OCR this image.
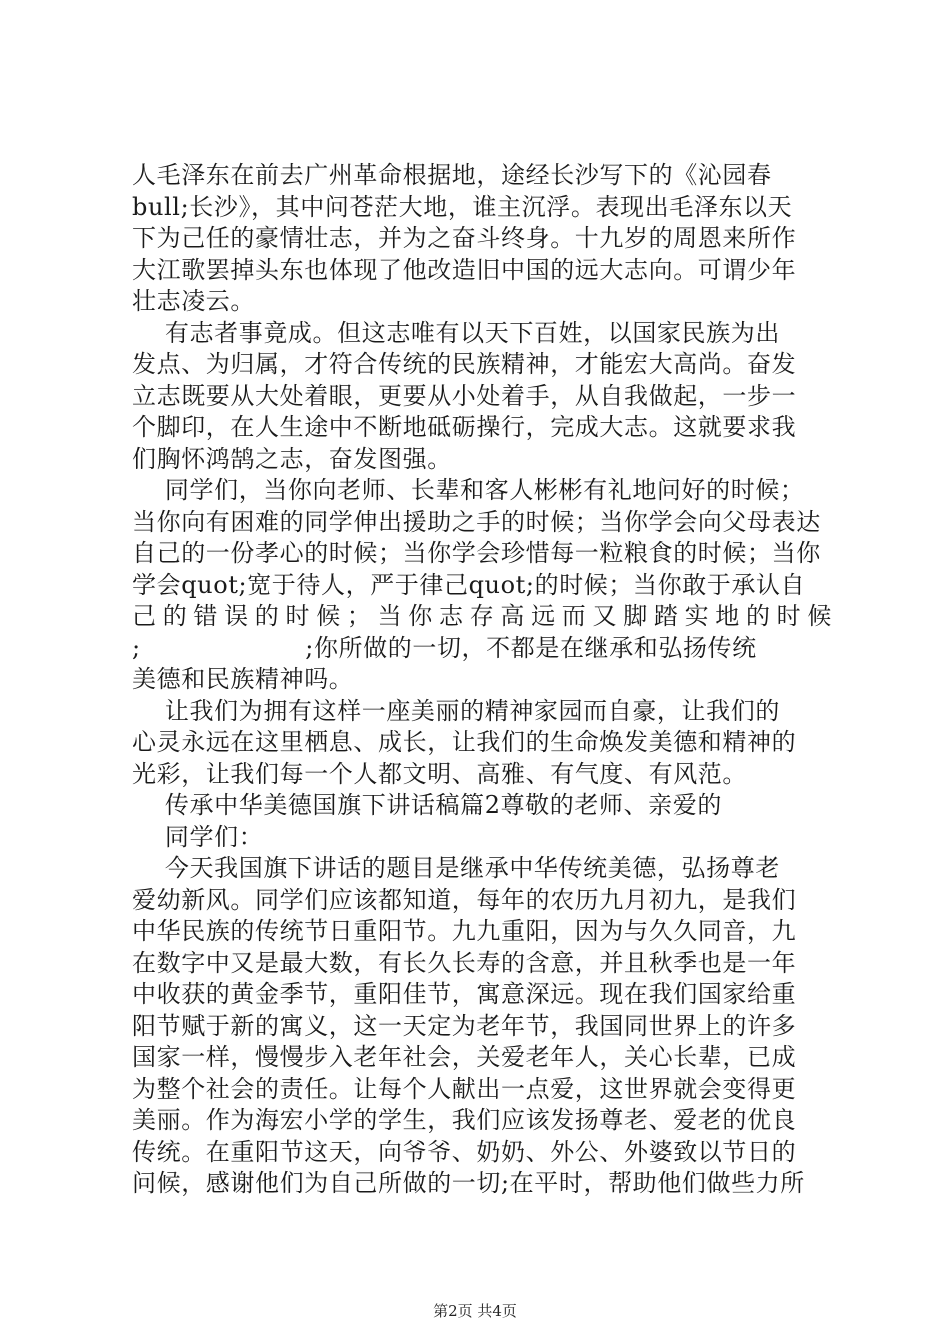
人毛泽东在前去广州革命根据地，途经长沙写下的《沁园春
bull;长沙》，其中问苍茫大地，谁主沉浮。表现出毛泽东以天
下为己任的豪情壮志，并为之奋斗终身。十九岁的周恩来所作
大江歌罢掉头东也体现了他改造旧中国的远大志向。可谓少年
壮志凌云。
有志者事竟成。但这志唯有以天下百姓，以国家民族为出
发点、为归属，才符合传统的民族精神，才能宏大高尚。奋发
立志既要从大处着眼，更要从小处着手，从自我做起，一步一
个脚印，在人生途中不断地砥砺操行，完成大志。这就要求我
们胸怀鸿鹄之志，奋发图强。
同学们，当你向老师、长辈和客人彬彬有礼地问好的时候；
当你向有困难的同学伸出援助之手的时候；当你学会向父母表达
自己的一份孝心的时候；当你学会珍惜每一粒粮食的时候；当你
学会quot;宽于待人，严于律己quot;的时候；当你敢于承认自
己的错误的时候；当你志存高远而又脚踏实地的时候
;                    ;你所做的一切，不都是在继承和弘扬传统
美德和民族精神吗。
让我们为拥有这样一座美丽的精神家园而自豪，让我们的
心灵永远在这里栖息、成长，让我们的生命焕发美德和精神的
光彩，让我们每一个人都文明、高雅、有气度、有风范。
传承中华美德国旗下讲话稿篇2尊敬的老师、亲爱的
同学们：
今天我国旗下讲话的题目是继承中华传统美德，弘扬尊老
爱幼新风。同学们应该都知道，每年的农历九月初九，是我们
中华民族的传统节日重阳节。九九重阳，因为与久久同音，九
在数字中又是最大数，有长久长寿的含意，并且秋季也是一年
中收获的黄金季节，重阳佳节，寓意深远。现在我们国家给重
阳节赋于新的寓义，这一天定为老年节，我国同世界上的许多
国家一样，慢慢步入老年社会，关爱老年人，关心长辈，已成
为整个社会的责任。让每个人献出一点爱，这世界就会变得更
美丽。作为海宏小学的学生，我们应该发扬尊老、爱老的优良
传统。在重阳节这天，向爷爷、奶奶、外公、外婆致以节日的
问候，感谢他们为自己所做的一切;在平时，帮助他们做些力所
第2页 共4页
